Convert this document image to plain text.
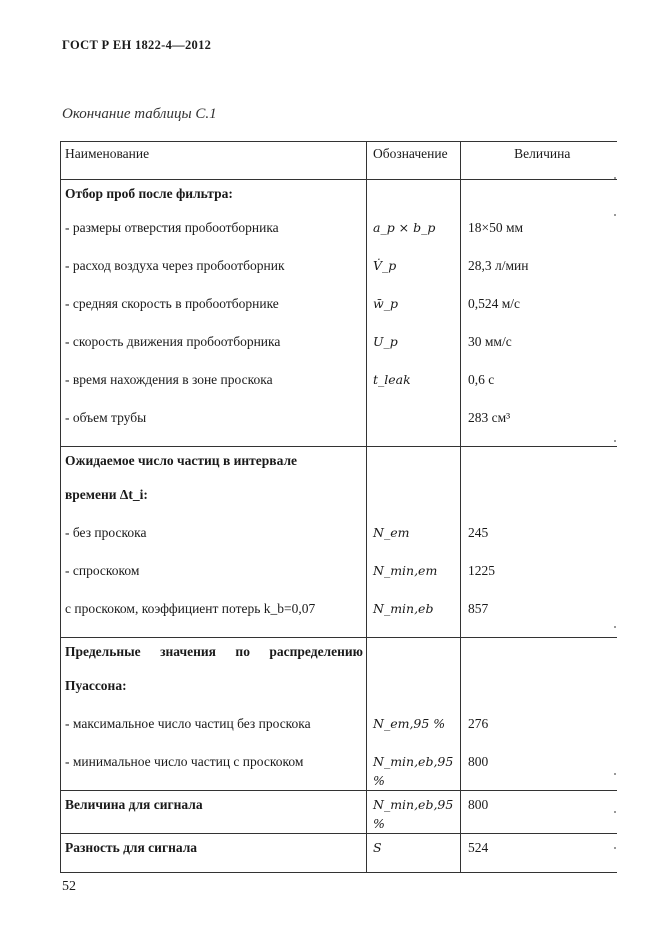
ГОСТ Р ЕН 1822-4—2012
Окончание таблицы С.1
Наименование	Обозначение	Величина

Отбор проб после фильтра:		

- размеры отверстия пробоотборника	a_p × b_p	18×50 мм

- расход воздуха через пробоотборник	V̇_p	28,3 л/мин

- средняя скорость в пробоотборнике	w̄_p	0,524 м/с

- скорость движения пробоотборника	U_p	30 мм/с

- время нахождения в зоне проскока	t_leak	0,6 с

- объем трубы		283 см³

Ожидаемое число частиц в интервале		

времени Δt_i:		

- без проскока	N_em	245

- спроскоком	N_min,em	1225

с проскоком, коэффициент потерь k_b=0,07	N_min,eb	857

Предельные значения по распределению		

Пуассона:		

- максимальное число частиц без проскока	N_em,95 %	276

- минимальное число частиц с проскоком	N_min,eb,95 %	800

Величина для сигнала	N_min,eb,95 %	800

Разность для сигнала	S	524
52
